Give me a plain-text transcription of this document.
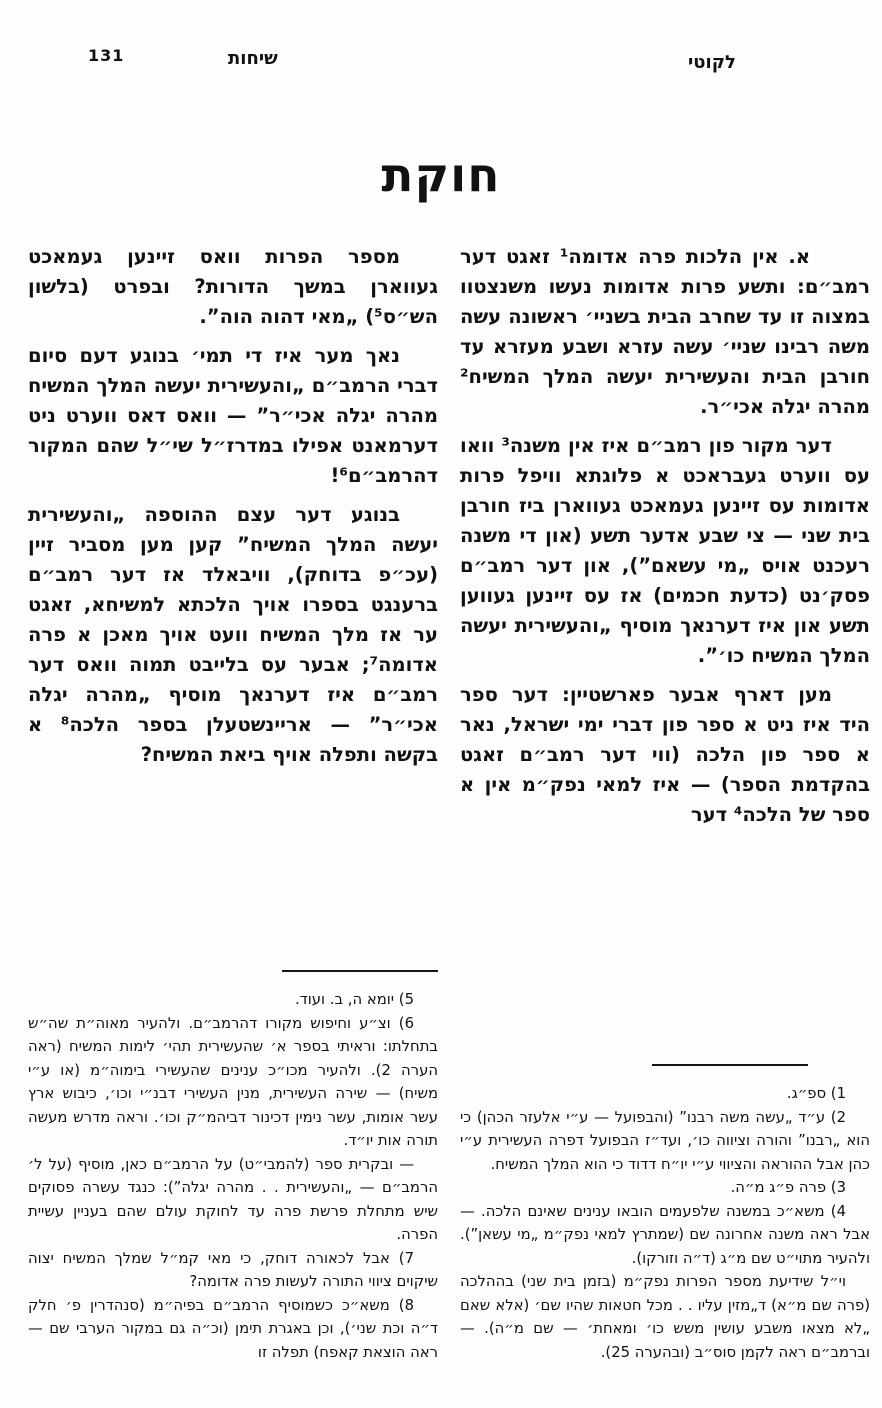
131	שיחות	לקוטי
חוקת

א. אין הלכות פרה אדומה¹ זאגט דער רמב״ם: ותשע פרות אדומות נעשו משנצטוו במצוה זו עד שחרב הבית בשניי׳ ראשונה עשה משה רבינו שניי׳ עשה עזרא ושבע מעזרא עד חורבן הבית והעשירית יעשה המלך המשיח² מהרה יגלה אכי״ר.

דער מקור פון רמב״ם איז אין משנה³ וואו עס ווערט געבראכט א פלוגתא וויפל פרות אדומות עס זיינען געמאכט געווארן ביז חורבן בית שני — צי שבע אדער תשע (און די משנה רעכנט אויס „מי עשאם”), און דער רמב״ם פסק׳נט (כדעת חכמים) אז עס זיינען געווען תשע און איז דערנאך מוסיף „והעשירית יעשה המלך המשיח כו׳”.

מען דארף אבער פארשטיין: דער ספר היד איז ניט א ספר פון דברי ימי ישראל, נאר א ספר פון הלכה (ווי דער רמב״ם זאגט בהקדמת הספר) — איז למאי נפק״מ אין א ספר של הלכה⁴ דער

1) ספ״ג.

2) ע״ד „עשה משה רבנו” (והבפועל — ע״י אלעזר הכהן) כי הוא „רבנו” והורה וציווה כו׳, ועד״ז הבפועל דפרה העשירית ע״י כהן אבל ההוראה והציווי ע״י יו״ח דדוד כי הוא המלך המשיח.

3) פרה פ״ג מ״ה.

4) משא״כ במשנה שלפעמים הובאו ענינים שאינם הלכה. — אבל ראה משנה אחרונה שם (שמתרץ למאי נפק״מ „מי עשאן”). ולהעיר מתוי״ט שם מ״ג (ד״ה וזורקו).

וי״ל שידיעת מספר הפרות נפק״מ (בזמן בית שני) בההלכה (פרה שם מ״א) ד„מזין עליו . . מכל חטאות שהיו שם׳ (אלא שאם „לא מצאו משבע עושין משש כו׳ ומאחת׳ — שם מ״ה). — וברמב״ם ראה לקמן סוס״ב (ובהערה 25).

מספר הפרות וואס זיינען געמאכט געווארן במשך הדורות? ובפרט (בלשון הש״ס⁵) „מאי דהוה הוה”.

נאך מער איז די תמי׳ בנוגע דעם סיום דברי הרמב״ם „והעשירית יעשה המלך המשיח מהרה יגלה אכי״ר” — וואס דאס ווערט ניט דערמאנט אפילו במדרז״ל שי״ל שהם המקור דהרמב״ם⁶!

בנוגע דער עצם ההוספה „והעשירית יעשה המלך המשיח” קען מען מסביר זיין (עכ״פ בדוחק), וויבאלד אז דער רמב״ם ברענגט בספרו אויך הלכתא למשיחא, זאגט ער אז מלך המשיח וועט אויך מאכן א פרה אדומה⁷; אבער עס בלייבט תמוה וואס דער רמב״ם איז דערנאך מוסיף „מהרה יגלה אכי״ר” — אריינשטעלן בספר הלכה⁸ א בקשה ותפלה אויף ביאת המשיח?

5) יומא ה, ב. ועוד.

6) וצ״ע וחיפוש מקורו דהרמב״ם. ולהעיר מאוה״ת שה״ש בתחלתו: וראיתי בספר א׳ שהעשירית תהי׳ לימות המשיח (ראה הערה 2). ולהעיר מכו״כ ענינים שהעשירי בימוה״מ (או ע״י משיח) — שירה העשירית, מנין העשירי דבנ״י וכו׳, כיבוש ארץ עשר אומות, עשר נימין דכינור דביהמ״ק וכו׳. וראה מדרש מעשה תורה אות יו״ד.

— ובקרית ספר (להמבי״ט) על הרמב״ם כאן, מוסיף (על ל׳ הרמב״ם — „והעשירית . . מהרה יגלה”): כנגד עשרה פסוקים שיש מתחלת פרשת פרה עד לחוקת עולם שהם בעניין עשיית הפרה.

7) אבל לכאורה דוחק, כי מאי קמ״ל שמלך המשיח יצוה שיקוים ציווי התורה לעשות פרה אדומה?

8) משא״כ כשמוסיף הרמב״ם בפיה״מ (סנהדרין פ׳ חלק ד״ה וכת שני׳), וכן באגרת תימן (וכ״ה גם במקור הערבי שם — ראה הוצאת קאפח) תפלה זו
